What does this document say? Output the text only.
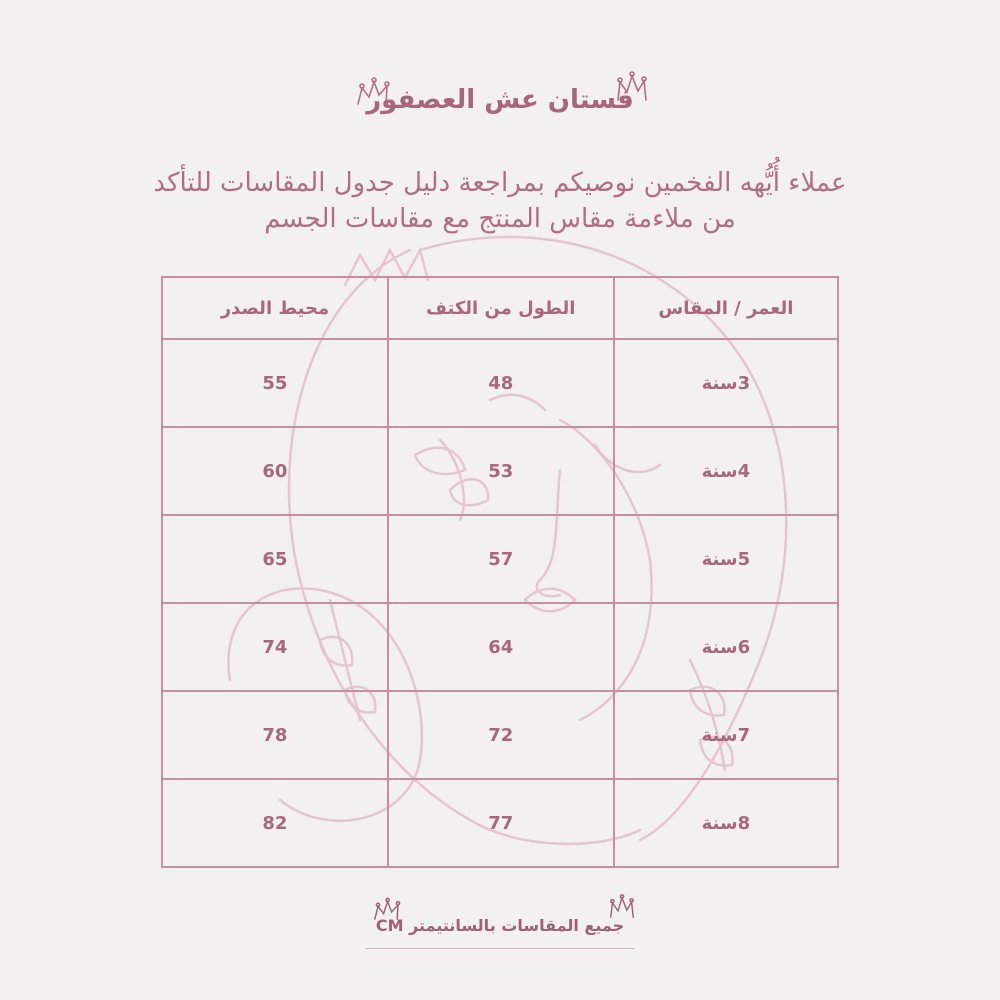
فستان عش العصفور
عملاء أُيُّهه الفخمين نوصيكم بمراجعة دليل جدول المقاسات للتأكد من ملاءمة مقاس المنتج مع مقاسات الجسم
العمر / المقاس	الطول من الكتف	محيط الصدر
3سنة	48	55
4سنة	53	60
5سنة	57	65
6سنة	64	74
7سنة	72	78
8سنة	77	82
جميع المقاسات بالسانتيمتر CM
